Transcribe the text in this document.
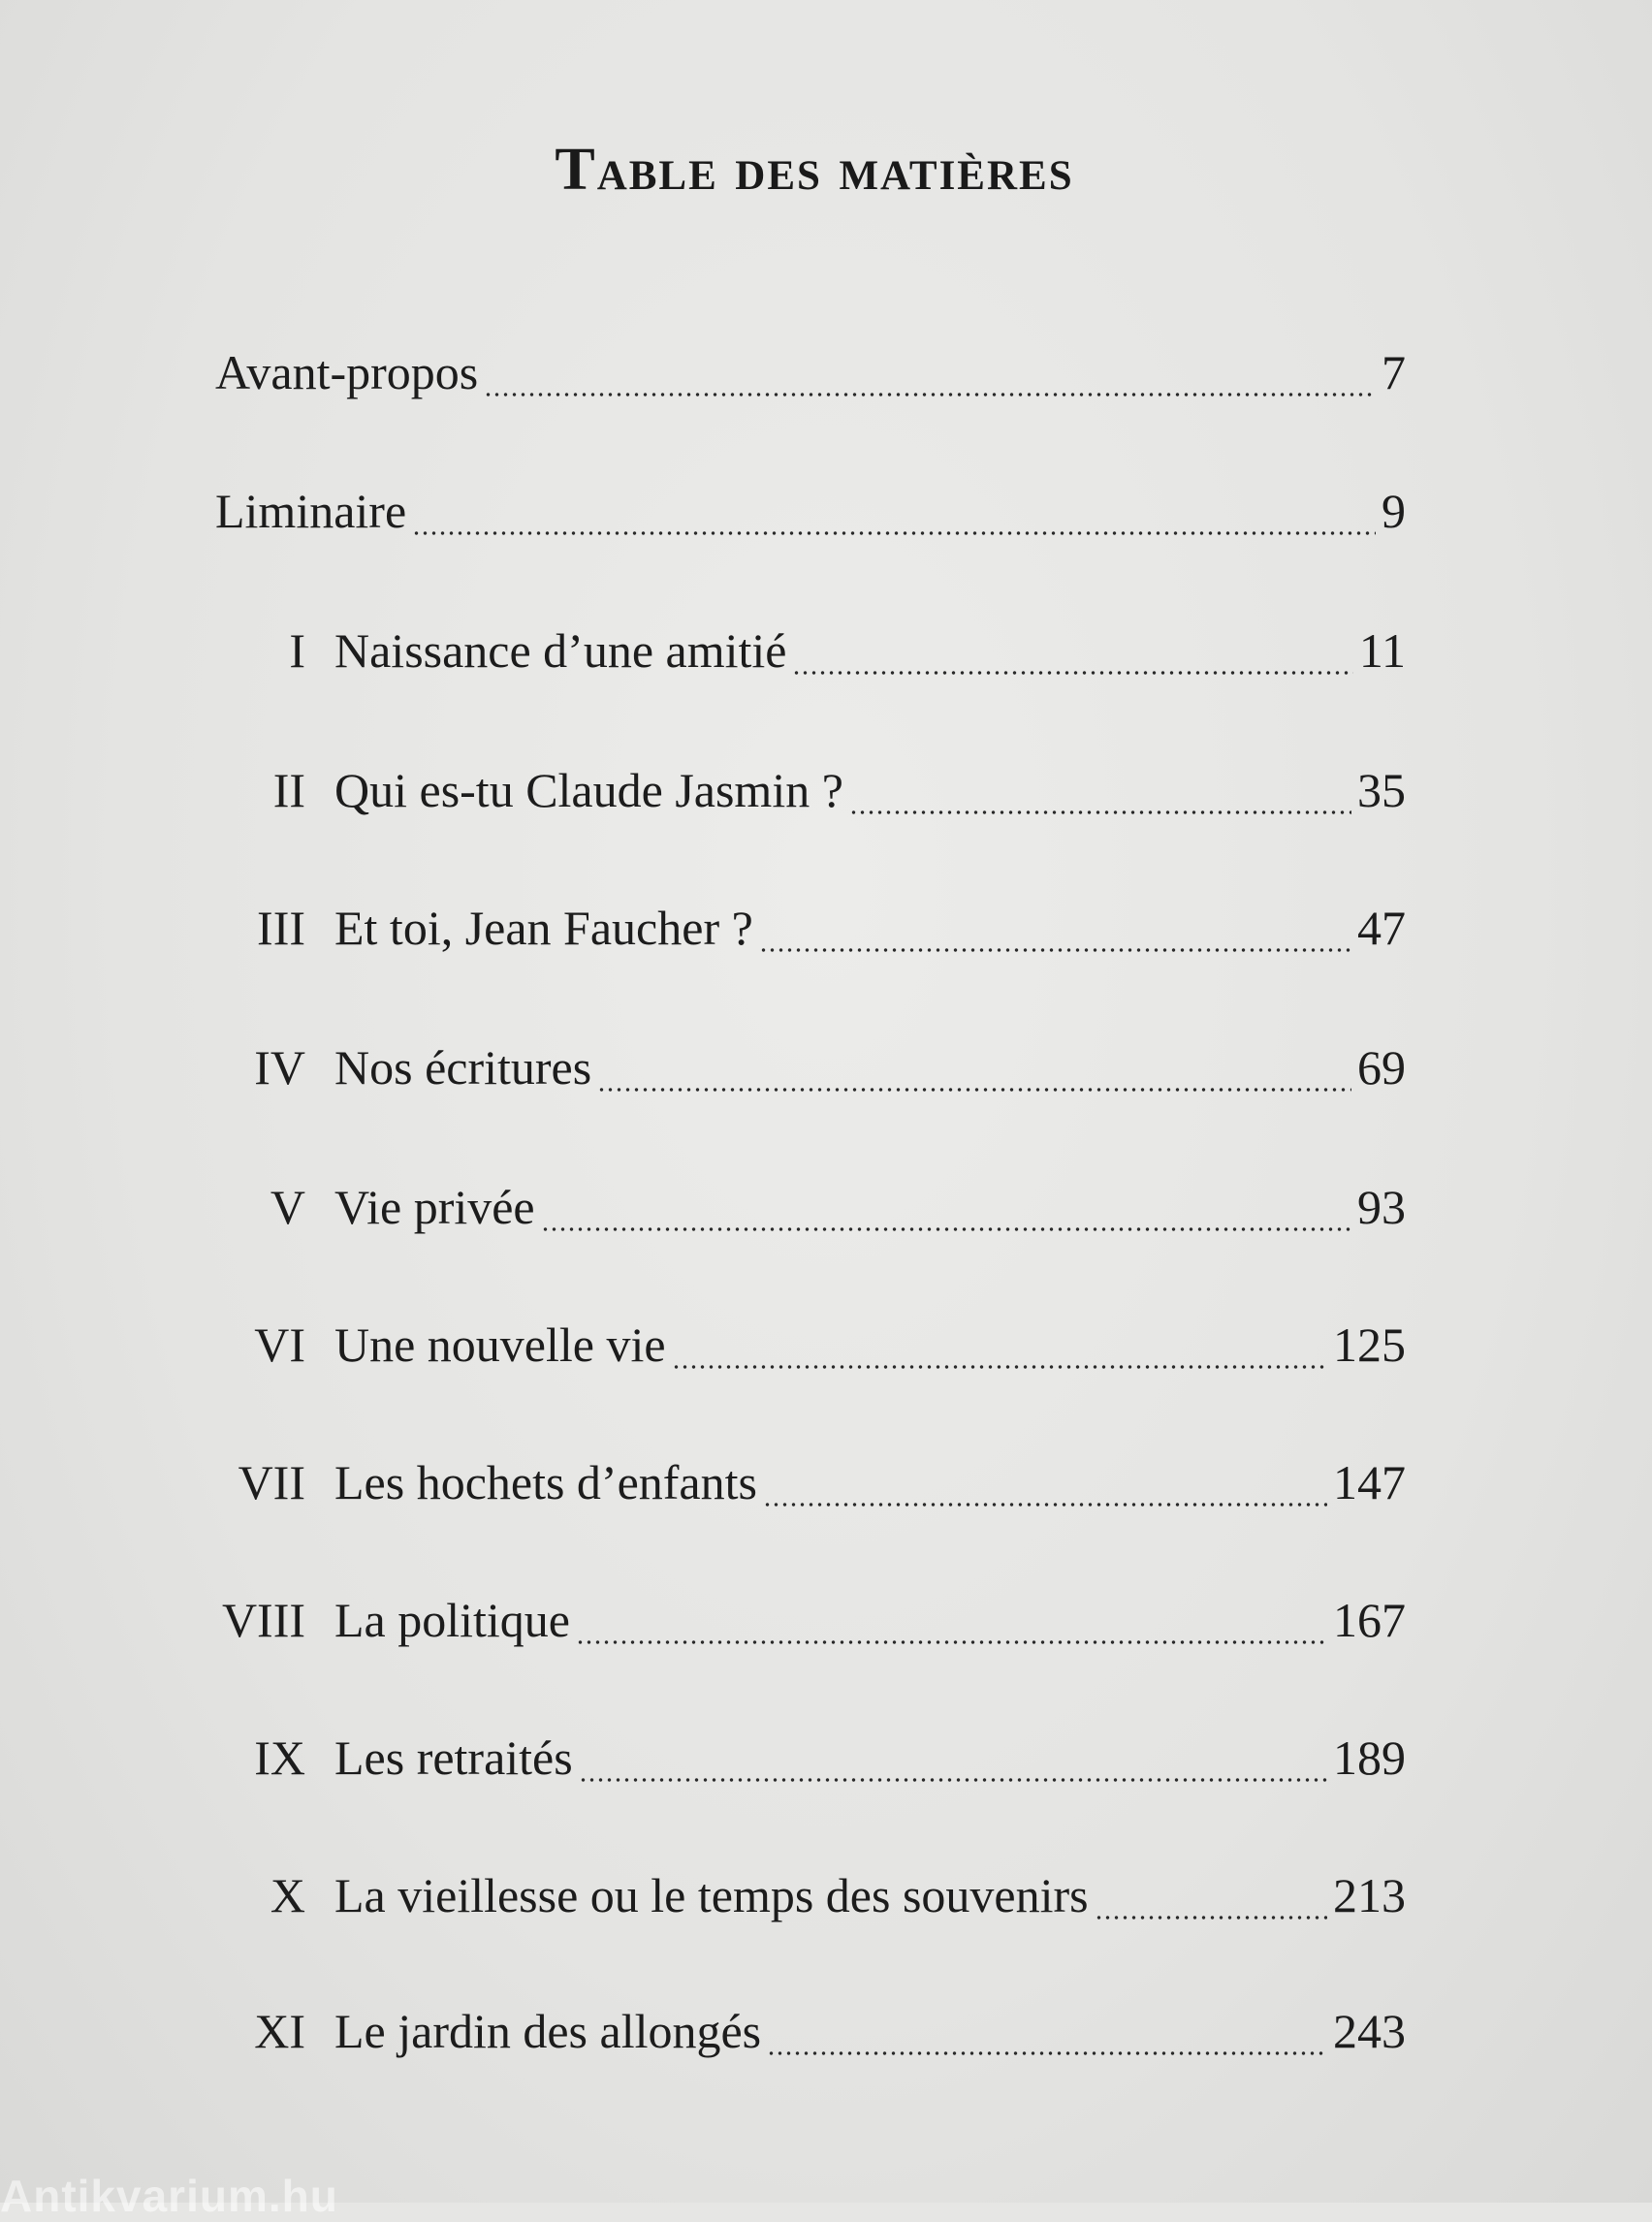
Table des matières
Avant-propos	7
Liminaire	9
I Naissance d’une amitié	11
II Qui es-tu Claude Jasmin ?	35
III Et toi, Jean Faucher ?	47
IV Nos écritures	69
V Vie privée	93
VI Une nouvelle vie	125
VII Les hochets d’enfants	147
VIII La politique	167
IX Les retraités	189
X La vieillesse ou le temps des souvenirs	213
XI Le jardin des allongés	243
Antikvarium.hu
